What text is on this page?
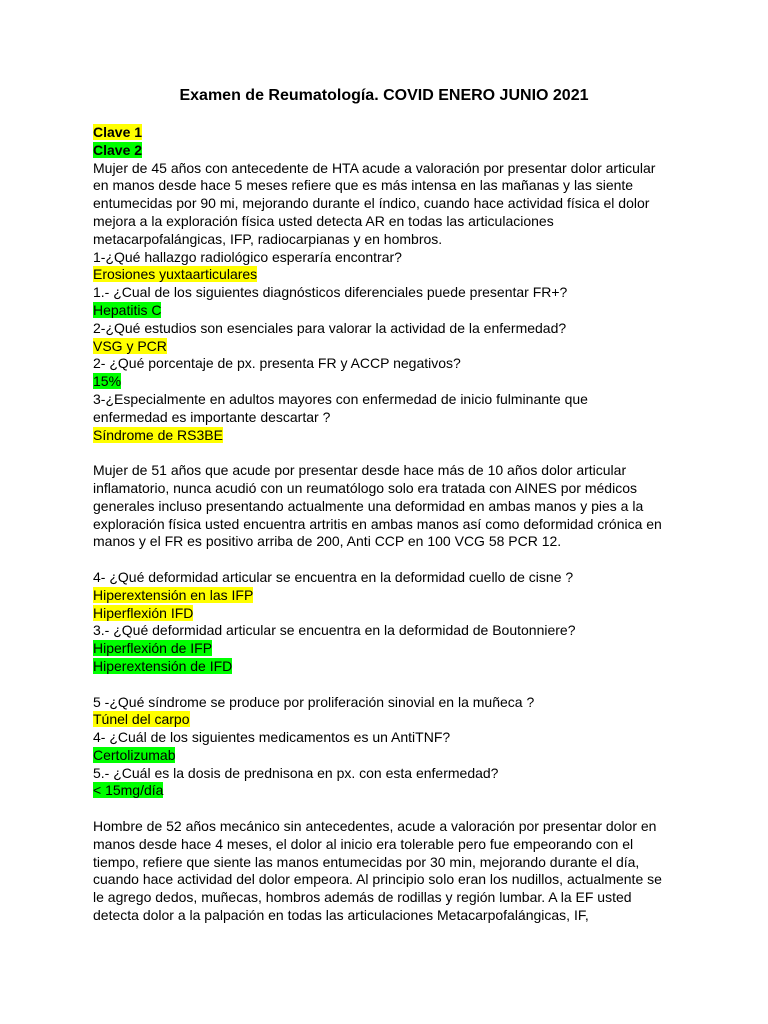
Examen de Reumatología. COVID ENERO JUNIO 2021
Clave 1
Clave 2
Mujer de 45 años con antecedente de HTA acude a valoración por presentar dolor articular
en manos desde hace 5 meses refiere que es más intensa en las mañanas y las siente
entumecidas por 90 mi, mejorando durante el índico, cuando hace actividad física el dolor
mejora a la exploración física usted detecta AR en todas las articulaciones
metacarpofalángicas, IFP, radiocarpianas y en hombros.
1-¿Qué hallazgo radiológico esperaría encontrar?
Erosiones yuxtaarticulares
1.- ¿Cual de los siguientes diagnósticos diferenciales puede presentar FR+?
Hepatitis C
2-¿Qué estudios son esenciales para valorar la actividad de la enfermedad?
VSG y PCR
2- ¿Qué porcentaje de px. presenta FR y ACCP negativos?
15%
3-¿Especialmente en adultos mayores con enfermedad de inicio fulminante que
enfermedad es importante descartar ?
Síndrome de RS3BE
Mujer de 51 años que acude por presentar desde hace más de 10 años dolor articular
inflamatorio, nunca acudió con un reumatólogo solo era tratada con AINES por médicos
generales incluso presentando actualmente una deformidad en ambas manos y pies a la
exploración física usted encuentra artritis en ambas manos así como deformidad crónica en
manos y el FR es positivo arriba de 200, Anti CCP en 100 VCG 58 PCR 12.
4- ¿Qué deformidad articular se encuentra en la deformidad cuello de cisne ?
Hiperextensión en las IFP
Hiperflexión IFD
3.- ¿Qué deformidad articular se encuentra en la deformidad de Boutonniere?
Hiperflexión de IFP
Hiperextensión de IFD
5 -¿Qué síndrome se produce por proliferación sinovial en la muñeca ?
Túnel del carpo
4- ¿Cuál de los siguientes medicamentos es un AntiTNF?
Certolizumab
5.- ¿Cuál es la dosis de prednisona en px. con esta enfermedad?
< 15mg/día
Hombre de 52 años mecánico sin antecedentes, acude a valoración por presentar dolor en
manos desde hace 4 meses, el dolor al inicio era tolerable pero fue empeorando con el
tiempo, refiere que siente las manos entumecidas por 30 min, mejorando durante el día,
cuando hace actividad del dolor empeora. Al principio solo eran los nudillos, actualmente se
le agrego dedos, muñecas, hombros además de rodillas y región lumbar. A la EF usted
detecta dolor a la palpación en todas las articulaciones Metacarpofalángicas, IF,
